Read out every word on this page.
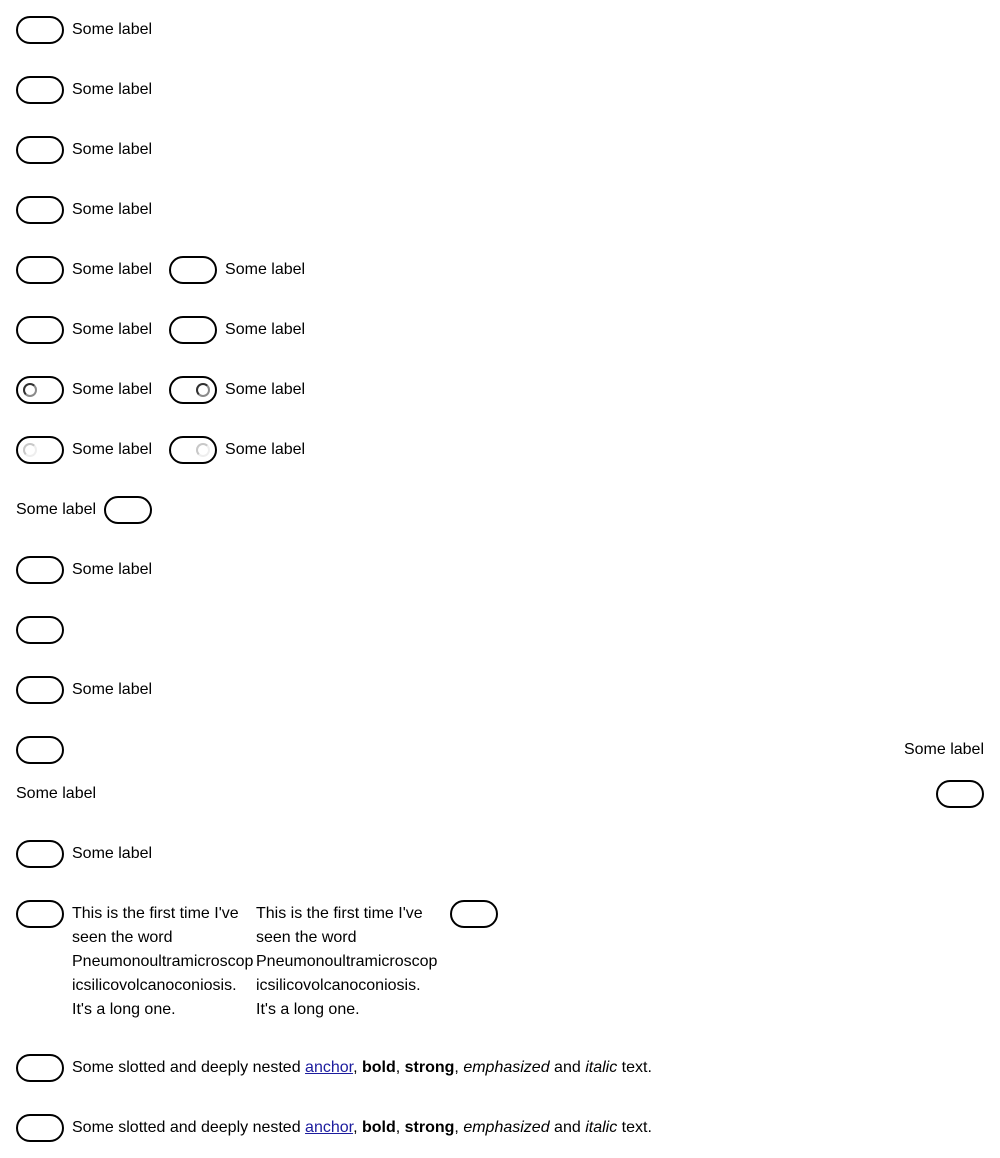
Some label
Some label
Some label
Some label
Some label	Some label
Some label	Some label
Some label	Some label
Some label	Some label
Some label
Some label
Some label
Some label
Some label
Some label
This is the first time I've seen the word Pneumonoultramicroscopicsilicovolcanoconiosis. It's a long one.
This is the first time I've seen the word Pneumonoultramicroscopicsilicovolcanoconiosis. It's a long one.
Some slotted and deeply nested anchor, bold, strong, emphasized and italic text.
Some slotted and deeply nested anchor, bold, strong, emphasized and italic text.
